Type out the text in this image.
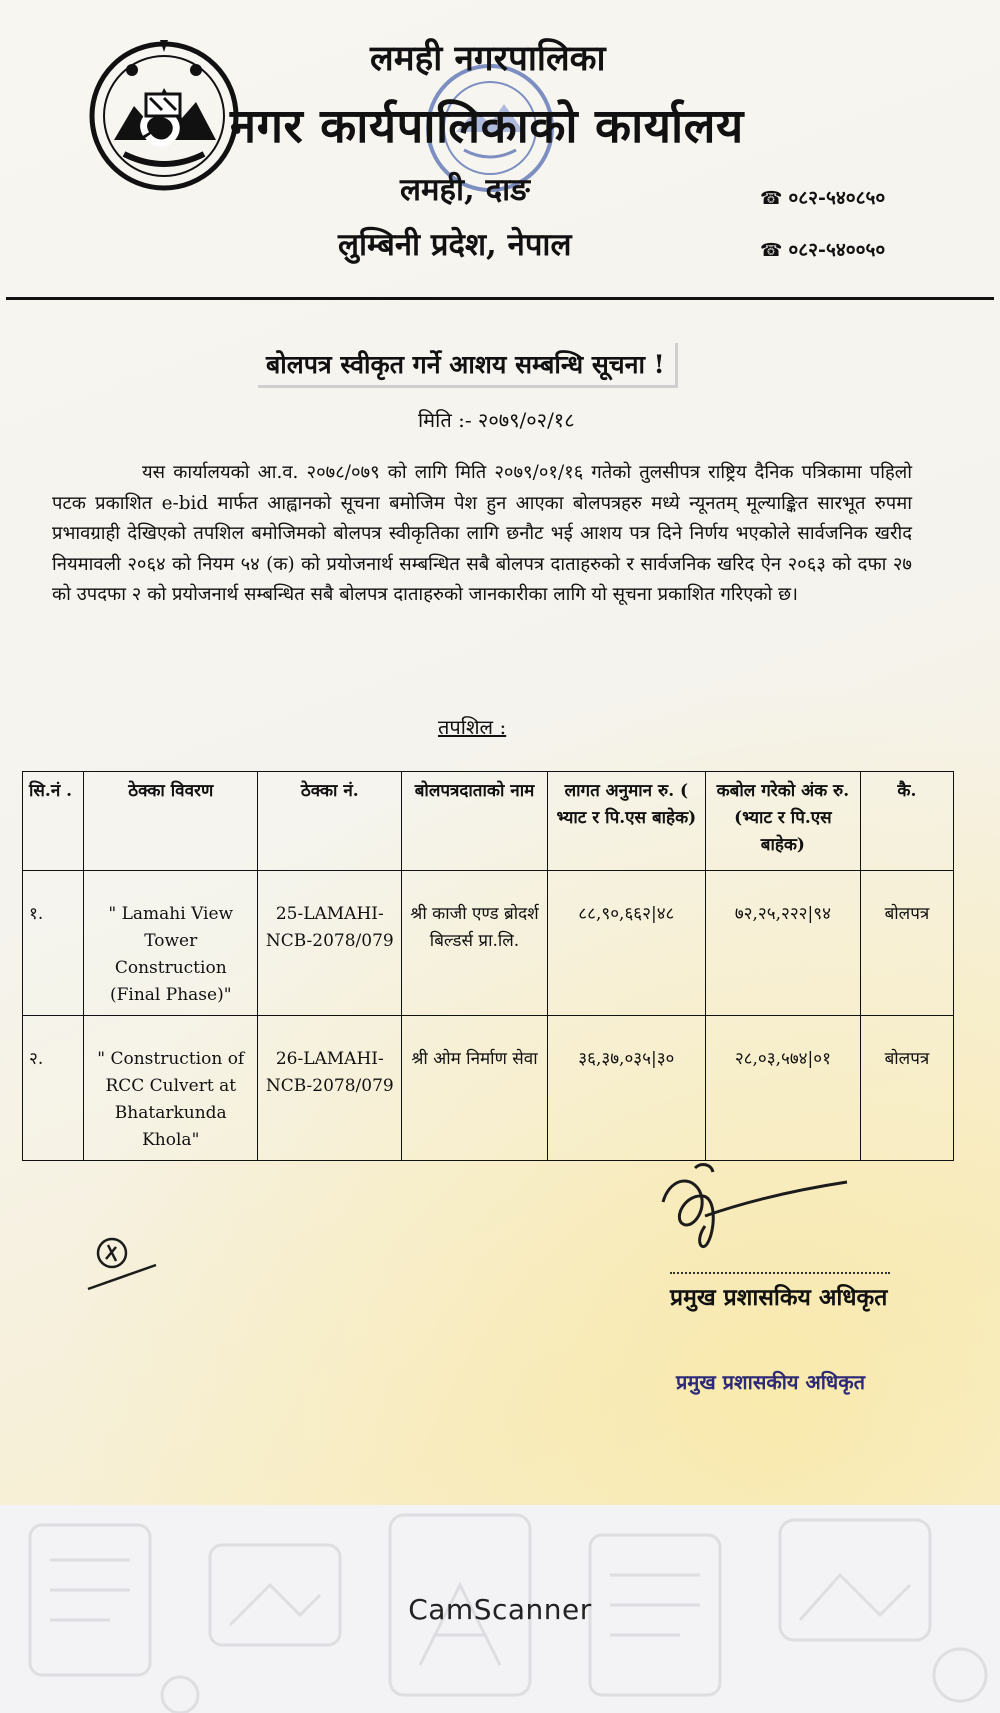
लमही नगरपालिका
नगर कार्यपालिकाको कार्यालय
लमही, दाङ
लुम्बिनी प्रदेश, नेपाल
☎ ०८२-५४०८५०
☎ ०८२-५४००५०
बोलपत्र स्वीकृत गर्ने आशय सम्बन्धि सूचना !
मिति :- २०७९/०२/१८

यस कार्यालयको आ.व. २०७८/०७९ को लागि मिति २०७९/०१/१६ गतेको तुलसीपत्र राष्ट्रिय दैनिक पत्रिकामा पहिलो पटक प्रकाशित e-bid मार्फत आह्वानको सूचना बमोजिम पेश हुन आएका बोलपत्रहरु मध्ये न्यूनतम् मूल्याङ्कित सारभूत रुपमा प्रभावग्राही देखिएको तपशिल बमोजिमको बोलपत्र स्वीकृतिका लागि छनौट भई आशय पत्र दिने निर्णय भएकोले सार्वजनिक खरीद नियमावली २०६४ को नियम ५४ (क) को प्रयोजनार्थ सम्बन्धित सबै बोलपत्र दाताहरुको र सार्वजनिक खरिद ऐन २०६३ को दफा २७ को उपदफा २ को प्रयोजनार्थ सम्बन्धित सबै बोलपत्र दाताहरुको जानकारीका लागि यो सूचना प्रकाशित गरिएको छ।

तपशिल :
सि.नं .	ठेक्का विवरण	ठेक्का नं.	बोलपत्रदाताको नाम	लागत अनुमान रु. ( भ्याट र पि.एस बाहेक)	कबोल गरेको अंक रु. (भ्याट र पि.एस बाहेक)	कै.
१.	" Lamahi View Tower Construction (Final Phase)"	25-LAMAHI-NCB-2078/079	श्री काजी एण्ड ब्रोदर्श बिल्डर्स प्रा.लि.	८८,९०,६६२|४८	७२,२५,२२२|९४	बोलपत्र
२.	" Construction of RCC Culvert at Bhatarkunda Khola"	26-LAMAHI-NCB-2078/079	श्री ओम निर्माण सेवा	३६,३७,०३५|३०	२८,०३,५७४|०१	बोलपत्र
प्रमुख प्रशासकिय अधिकृत
प्रमुख प्रशासकीय अधिकृत
CamScanner
